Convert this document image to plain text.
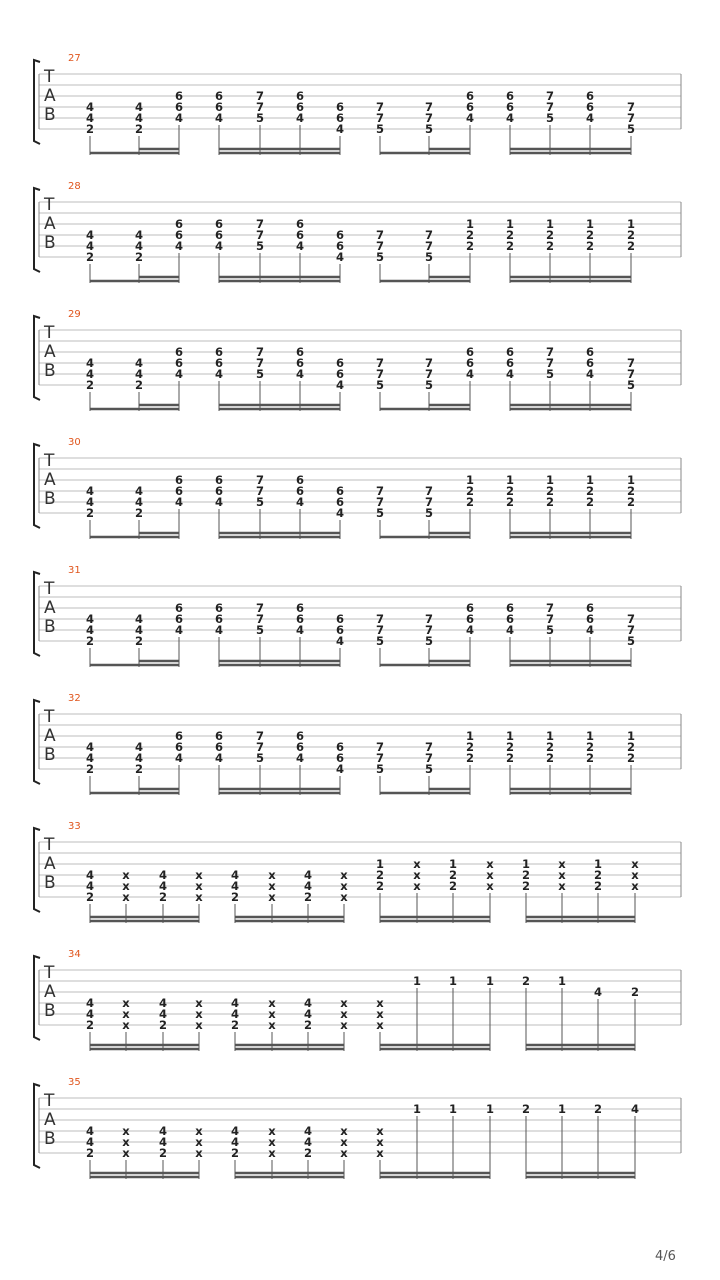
T
A
B
27
4
4
2
4
4
2
6
6
4
6
6
4
7
7
5
6
6
4
6
6
4
7
7
5
7
7
5
6
6
4
6
6
4
7
7
5
6
6
4
7
7
5
T
A
B
28
4
4
2
4
4
2
6
6
4
6
6
4
7
7
5
6
6
4
6
6
4
7
7
5
7
7
5
1
2
2
1
2
2
1
2
2
1
2
2
1
2
2
T
A
B
29
4
4
2
4
4
2
6
6
4
6
6
4
7
7
5
6
6
4
6
6
4
7
7
5
7
7
5
6
6
4
6
6
4
7
7
5
6
6
4
7
7
5
T
A
B
30
4
4
2
4
4
2
6
6
4
6
6
4
7
7
5
6
6
4
6
6
4
7
7
5
7
7
5
1
2
2
1
2
2
1
2
2
1
2
2
1
2
2
T
A
B
31
4
4
2
4
4
2
6
6
4
6
6
4
7
7
5
6
6
4
6
6
4
7
7
5
7
7
5
6
6
4
6
6
4
7
7
5
6
6
4
7
7
5
T
A
B
32
4
4
2
4
4
2
6
6
4
6
6
4
7
7
5
6
6
4
6
6
4
7
7
5
7
7
5
1
2
2
1
2
2
1
2
2
1
2
2
1
2
2
T
A
B
33
4
4
2
x
x
x
4
4
2
x
x
x
4
4
2
x
x
x
4
4
2
x
x
x
1
2
2
x
x
x
1
2
2
x
x
x
1
2
2
x
x
x
1
2
2
x
x
x
T
A
B
34
4
4
2
x
x
x
4
4
2
x
x
x
4
4
2
x
x
x
4
4
2
x
x
x
x
x
x
1 1	1 2 1
4	2
T
A
B
35
4
4
2
x
x
x
4
4
2
x
x
x
4
4
2
x
x
x
4
4
2
x
x
x
x
x
x
1 1	1 2 1 2	4
4/6
